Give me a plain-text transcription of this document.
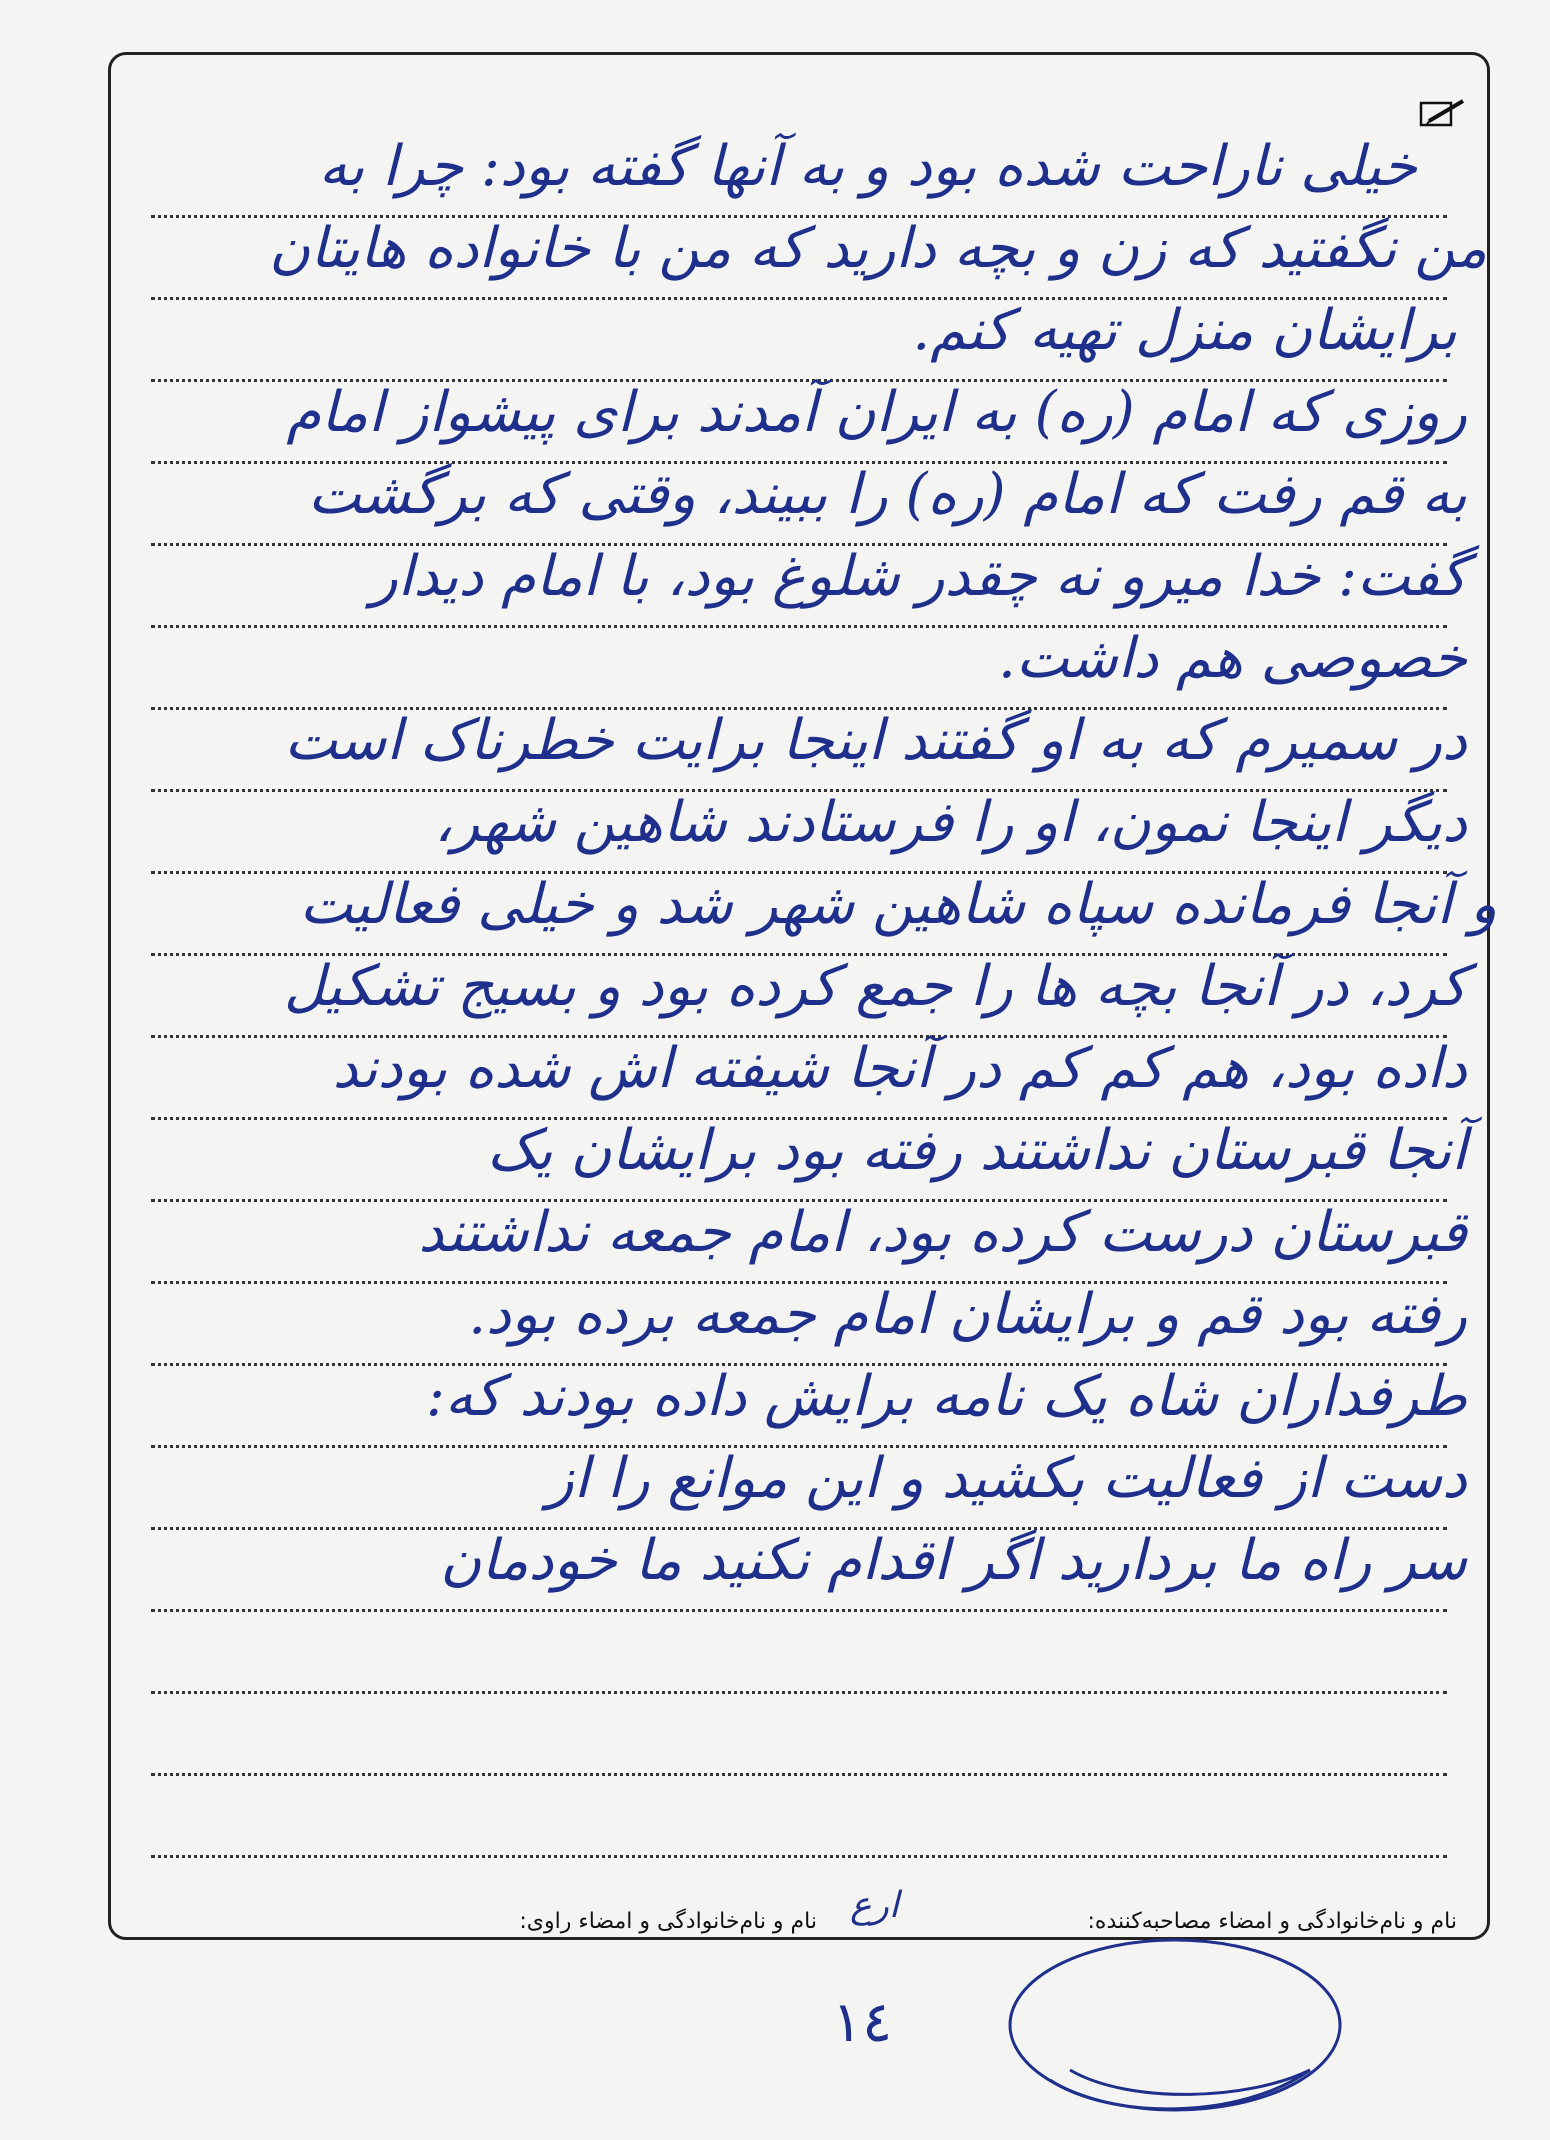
خیلی ناراحت شده بود و به آنها گفته بود: چرا به
من نگفتید که زن و بچه دارید که من با خانواده هایتان
برایشان منزل تهیه کنم.
روزی که امام (ره) به ایران آمدند برای پیشواز امام
به قم رفت که امام (ره) را ببیند، وقتی که برگشت
گفت: خدا میرو نه چقدر شلوغ بود، با امام دیدار
خصوصی هم داشت.
در سمیرم که به او گفتند اینجا برایت خطرناک است
دیگر اینجا نمون، او را فرستادند شاهین شهر،
و آنجا فرمانده سپاه شاهین شهر شد و خیلی فعالیت
کرد، در آنجا بچه ها را جمع کرده بود و بسیج تشکیل
داده بود، هم کم کم در آنجا شیفته اش شده بودند
آنجا قبرستان نداشتند رفته بود برایشان یک
قبرستان درست کرده بود، امام جمعه نداشتند
رفته بود قم و برایشان امام جمعه برده بود.
طرفداران شاه یک نامه برایش داده بودند که:
دست از فعالیت بکشید و این موانع را از
سر راه ما بردارید اگر اقدام نکنید ما خودمان
نام و نام‌خانوادگی و امضاء مصاحبه‌کننده:
نام و نام‌خانوادگی و امضاء راوی: ارع
١٤
